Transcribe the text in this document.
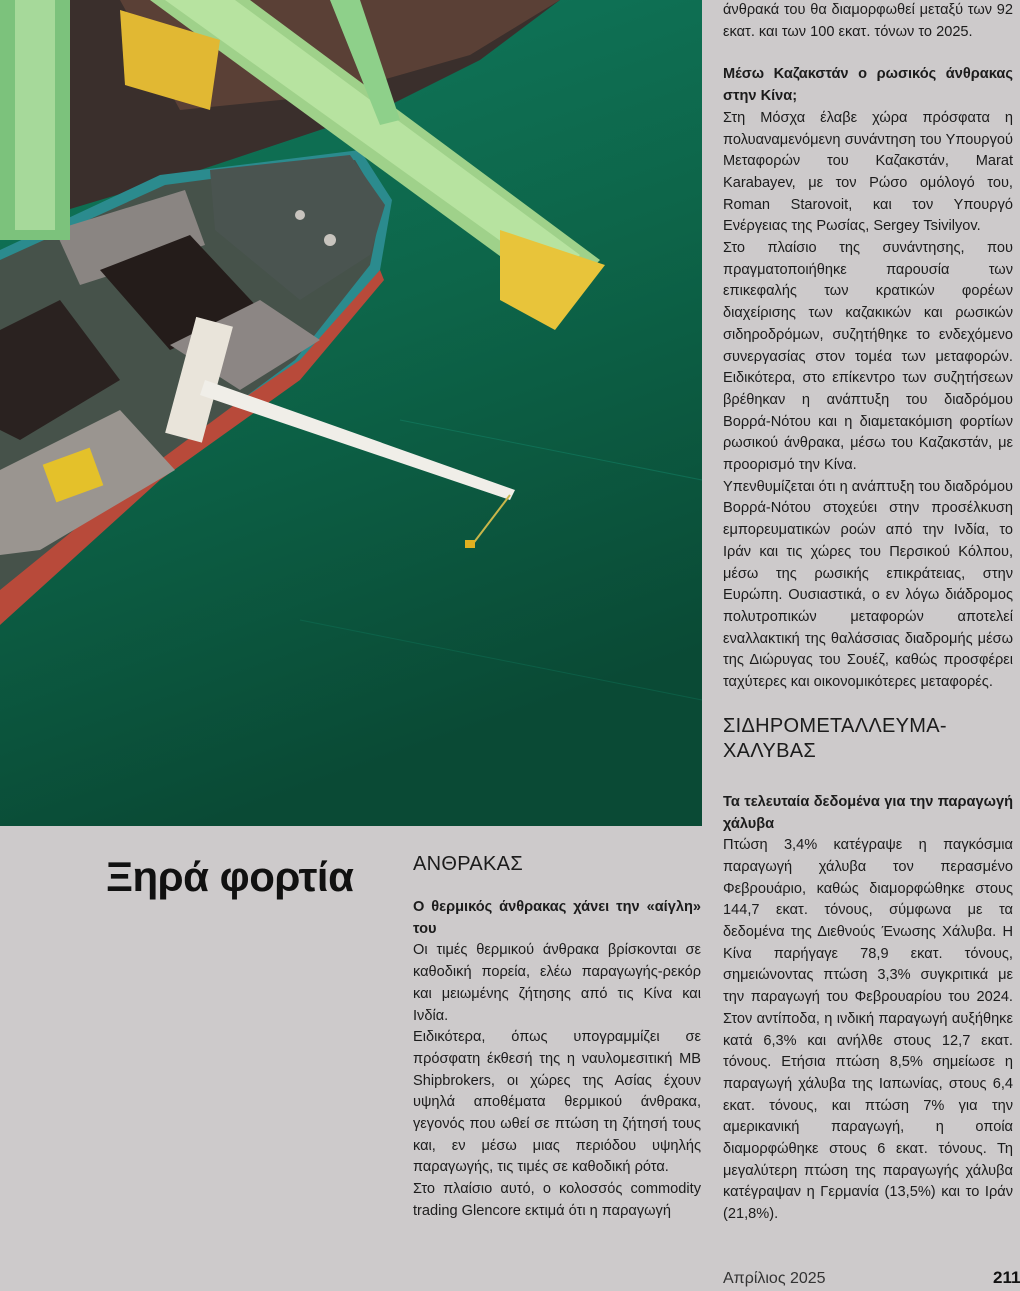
Ξηρά φορτία	ΑΝΘΡΑΚΑΣ

Ο θερμικός άνθρακας χάνει την «αίγλη» του

Οι τιμές θερμικού άνθρακα βρίσκονται σε καθοδική πορεία, ελέω παραγωγής-ρεκόρ και μειωμένης ζήτησης από τις Κίνα και Ινδία.

Ειδικότερα, όπως υπογραμμίζει σε πρόσφατη έκθεσή της η ναυλομεσιτική MB Shipbrokers, οι χώρες της Ασίας έχουν υψηλά αποθέματα θερμικού άνθρακα, γεγονός που ωθεί σε πτώση τη ζήτησή τους και, εν μέσω μιας περιόδου υψηλής παραγωγής, τις τιμές σε καθοδική ρότα.

Στο πλαίσιο αυτό, ο κολοσσός commodity trading Glencore εκτιμά ότι η παραγωγή

άνθρακά του θα διαμορφωθεί μεταξύ των 92 εκατ. και των 100 εκατ. τόνων το 2025.

Μέσω Καζακστάν ο ρωσικός άνθρακας στην Κίνα;

Στη Μόσχα έλαβε χώρα πρόσφατα η πολυαναμενόμενη συνάντηση του Υπουργού Μεταφορών του Καζακστάν, Marat Karabayev, με τον Ρώσο ομόλογό του, Roman Starovoit, και τον Υπουργό Ενέργειας της Ρωσίας, Sergey Tsivilyov.

Στο πλαίσιο της συνάντησης, που πραγματοποιήθηκε παρουσία των επικεφαλής των κρατικών φορέων διαχείρισης των καζακικών και ρωσικών σιδηροδρόμων, συζητήθηκε το ενδεχόμενο συνεργασίας στον τομέα των μεταφορών. Ειδικότερα, στο επίκεντρο των συζητήσεων βρέθηκαν η ανάπτυξη του διαδρόμου Βορρά-Νότου και η διαμετακόμιση φορτίων ρωσικού άνθρακα, μέσω του Καζακστάν, με προορισμό την Κίνα.

Υπενθυμίζεται ότι η ανάπτυξη του διαδρόμου Βορρά-Νότου στοχεύει στην προσέλκυση εμπορευματικών ροών από την Ινδία, το Ιράν και τις χώρες του Περσικού Κόλπου, μέσω της ρωσικής επικράτειας, στην Ευρώπη. Ουσιαστικά, ο εν λόγω διάδρομος πολυτροπικών μεταφορών αποτελεί εναλλακτική της θαλάσσιας διαδρομής μέσω της Διώρυγας του Σουέζ, καθώς προσφέρει ταχύτερες και οικονομικότερες μεταφορές.

ΣΙΔΗΡΟΜΕΤΑΛΛΕΥΜΑ-ΧΑΛΥΒΑΣ

Τα τελευταία δεδομένα για την παραγωγή χάλυβα

Πτώση 3,4% κατέγραψε η παγκόσμια παραγωγή χάλυβα τον περασμένο Φεβρουάριο, καθώς διαμορφώθηκε στους 144,7 εκατ. τόνους, σύμφωνα με τα δεδομένα της Διεθνούς Ένωσης Χάλυβα. Η Κίνα παρήγαγε 78,9 εκατ. τόνους, σημειώνοντας πτώση 3,3% συγκριτικά με την παραγωγή του Φεβρουαρίου του 2024. Στον αντίποδα, η ινδική παραγωγή αυξήθηκε κατά 6,3% και ανήλθε στους 12,7 εκατ. τόνους. Ετήσια πτώση 8,5% σημείωσε η παραγωγή χάλυβα της Ιαπωνίας, στους 6,4 εκατ. τόνους, και πτώση 7% για την αμερικανική παραγωγή, η οποία διαμορφώθηκε στους 6 εκατ. τόνους. Τη μεγαλύτερη πτώση της παραγωγής χάλυβα κατέγραψαν η Γερμανία (13,5%) και το Ιράν (21,8%).

Απρίλιος 2025	211
